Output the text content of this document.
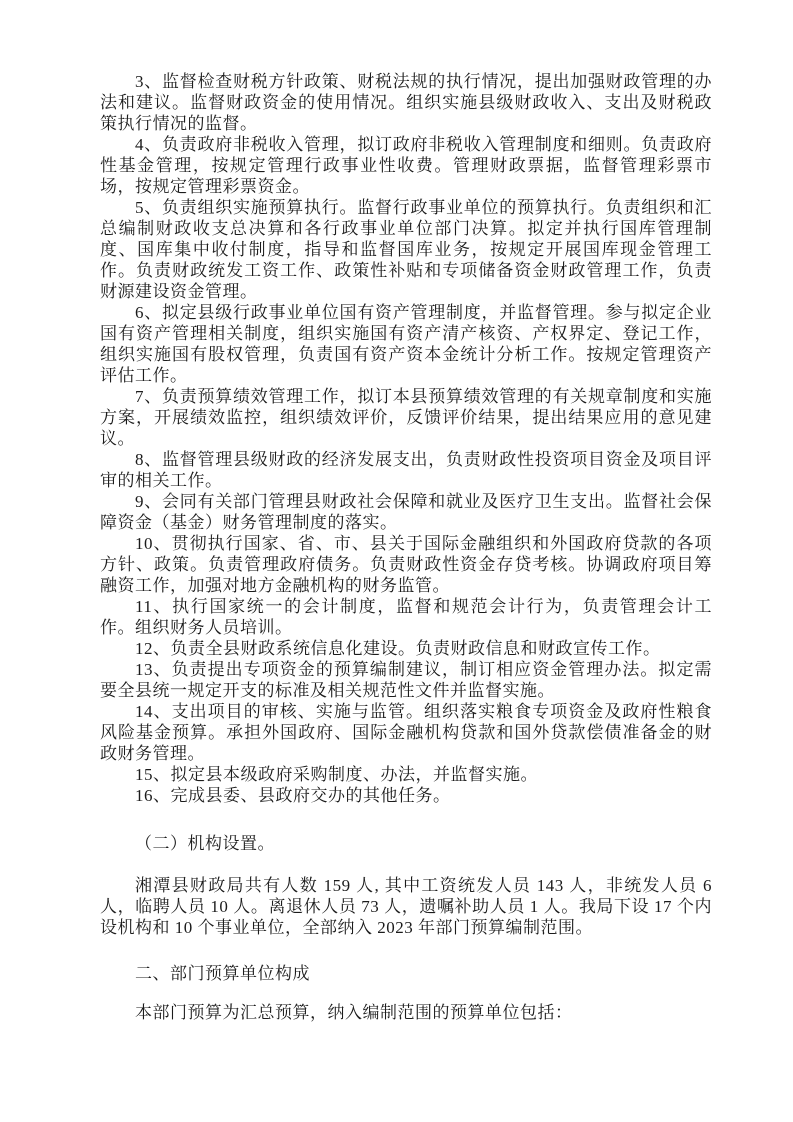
3、监督检查财税方针政策、财税法规的执行情况，提出加强财政管理的办法和建议。监督财政资金的使用情况。组织实施县级财政收入、支出及财税政策执行情况的监督。

4、负责政府非税收入管理，拟订政府非税收入管理制度和细则。负责政府性基金管理，按规定管理行政事业性收费。管理财政票据，监督管理彩票市场，按规定管理彩票资金。

5、负责组织实施预算执行。监督行政事业单位的预算执行。负责组织和汇总编制财政收支总决算和各行政事业单位部门决算。拟定并执行国库管理制度、国库集中收付制度，指导和监督国库业务，按规定开展国库现金管理工作。负责财政统发工资工作、政策性补贴和专项储备资金财政管理工作，负责财源建设资金管理。

6、拟定县级行政事业单位国有资产管理制度，并监督管理。参与拟定企业国有资产管理相关制度，组织实施国有资产清产核资、产权界定、登记工作，组织实施国有股权管理，负责国有资产资本金统计分析工作。按规定管理资产评估工作。

7、负责预算绩效管理工作，拟订本县预算绩效管理的有关规章制度和实施方案，开展绩效监控，组织绩效评价，反馈评价结果，提出结果应用的意见建议。

8、监督管理县级财政的经济发展支出，负责财政性投资项目资金及项目评审的相关工作。

9、会同有关部门管理县财政社会保障和就业及医疗卫生支出。监督社会保障资金（基金）财务管理制度的落实。

10、贯彻执行国家、省、市、县关于国际金融组织和外国政府贷款的各项方针、政策。负责管理政府债务。负责财政性资金存贷考核。协调政府项目筹融资工作，加强对地方金融机构的财务监管。

11、执行国家统一的会计制度，监督和规范会计行为，负责管理会计工作。组织财务人员培训。

12、负责全县财政系统信息化建设。负责财政信息和财政宣传工作。

13、负责提出专项资金的预算编制建议，制订相应资金管理办法。拟定需要全县统一规定开支的标准及相关规范性文件并监督实施。

14、支出项目的审核、实施与监管。组织落实粮食专项资金及政府性粮食风险基金预算。承担外国政府、国际金融机构贷款和国外贷款偿债准备金的财政财务管理。

15、拟定县本级政府采购制度、办法，并监督实施。

16、完成县委、县政府交办的其他任务。

（二）机构设置。

湘潭县财政局共有人数 159 人, 其中工资统发人员 143 人，非统发人员 6 人，临聘人员 10 人。离退休人员 73 人，遗嘱补助人员 1 人。我局下设 17 个内设机构和 10 个事业单位，全部纳入 2023 年部门预算编制范围。

二、部门预算单位构成

本部门预算为汇总预算，纳入编制范围的预算单位包括：
